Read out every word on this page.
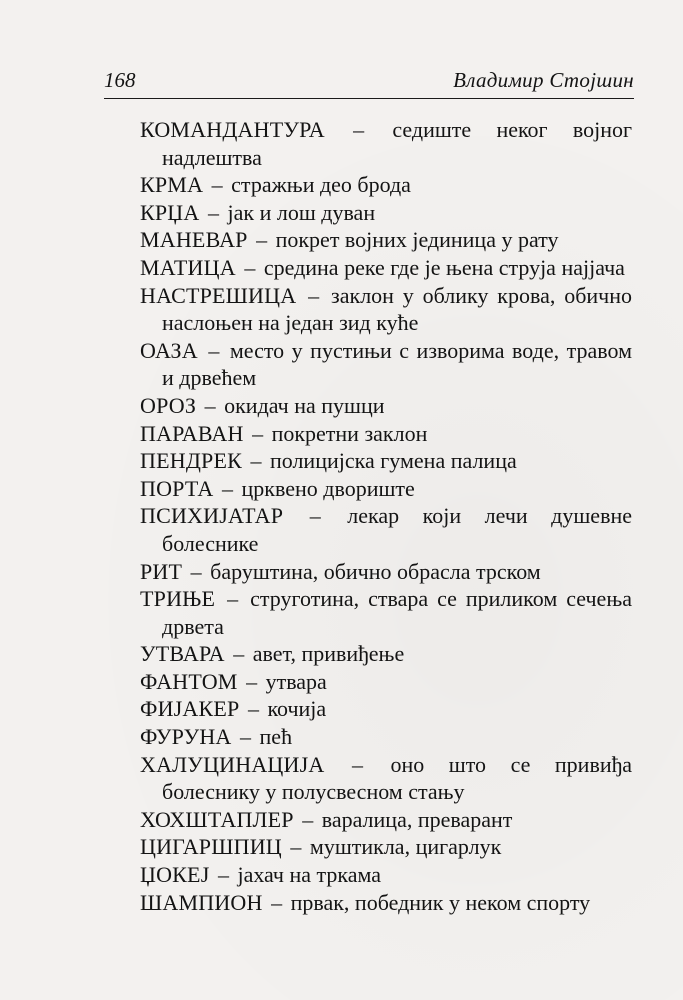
168	Владимир Стојшин
КОМАНДАНТУРА – седиште неког војног надлештва
КРМА – стражњи део брода
КРЏА – јак и лош дуван
МАНЕВАР – покрет војних јединица у рату
МАТИЦА – средина реке где је њена струја најјача
НАСТРЕШИЦА – заклон у облику крова, обично наслоњен на један зид куће
ОАЗА – место у пустињи с изворима воде, травом и дрвећем
ОРОЗ – окидач на пушци
ПАРАВАН – покретни заклон
ПЕНДРЕК – полицијска гумена палица
ПОРТА – црквено двориште
ПСИХИЈАТАР – лекар који лечи душевне болеснике
РИТ – баруштина, обично обрасла трском
ТРИЊЕ – струготина, ствара се приликом сечења дрвета
УТВАРА – авет, привиђење
ФАНТОМ – утвара
ФИЈАКЕР – кочија
ФУРУНА – пећ
ХАЛУЦИНАЦИЈА – оно што се привиђа болеснику у полусвесном стању
ХОХШТАПЛЕР – варалица, преварант
ЦИГАРШПИЦ – муштикла, цигарлук
ЏОКЕЈ – јахач на тркама
ШАМПИОН – првак, победник у неком спорту
